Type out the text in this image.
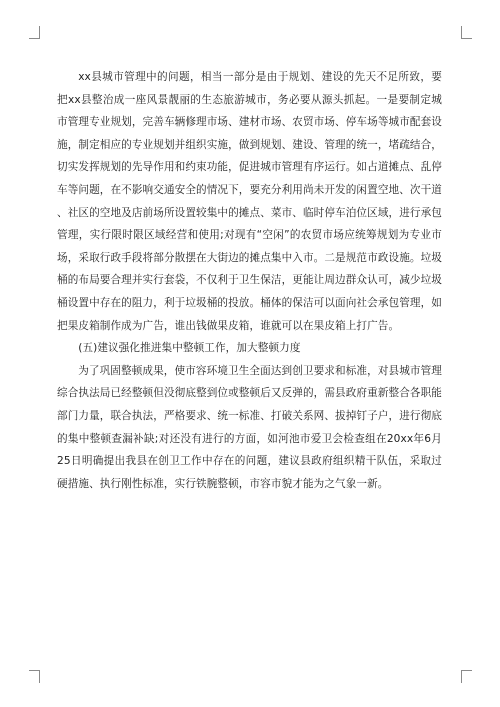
xx县城市管理中的问题，相当一部分是由于规划、建设的先天不足所致，要把xx县整治成一座风景靓丽的生态旅游城市，务必要从源头抓起。一是要制定城市管理专业规划，完善车辆修理市场、建材市场、农贸市场、停车场等城市配套设施，制定相应的专业规划并组织实施，做到规划、建设、管理的统一，堵疏结合，切实发挥规划的先导作用和约束功能，促进城市管理有序运行。如占道摊点、乱停车等问题，在不影响交通安全的情况下，要充分利用尚未开发的闲置空地、次干道、社区的空地及店前场所设置较集中的摊点、菜市、临时停车泊位区域，进行承包管理，实行限时限区域经营和使用;对现有“空闲”的农贸市场应统筹规划为专业市场，采取行政手段将部分散摆在大街边的摊点集中入市。二是规范市政设施。垃圾桶的布局要合理并实行套袋，不仅利于卫生保洁，更能让周边群众认可，减少垃圾桶设置中存在的阻力，利于垃圾桶的投放。桶体的保洁可以面向社会承包管理，如把果皮箱制作成为广告，谁出钱做果皮箱，谁就可以在果皮箱上打广告。

(五)建议强化推进集中整顿工作，加大整顿力度

为了巩固整顿成果，使市容环境卫生全面达到创卫要求和标准，对县城市管理综合执法局已经整顿但没彻底整到位或整顿后又反弹的，需县政府重新整合各职能部门力量，联合执法，严格要求、统一标准、打破关系网、拔掉钉子户，进行彻底的集中整顿查漏补缺;对还没有进行的方面，如河池市爱卫会检查组在20xx年6月25日明确提出我县在创卫工作中存在的问题，建议县政府组织精干队伍，采取过硬措施、执行刚性标准，实行铁腕整顿，市容市貌才能为之气象一新。
